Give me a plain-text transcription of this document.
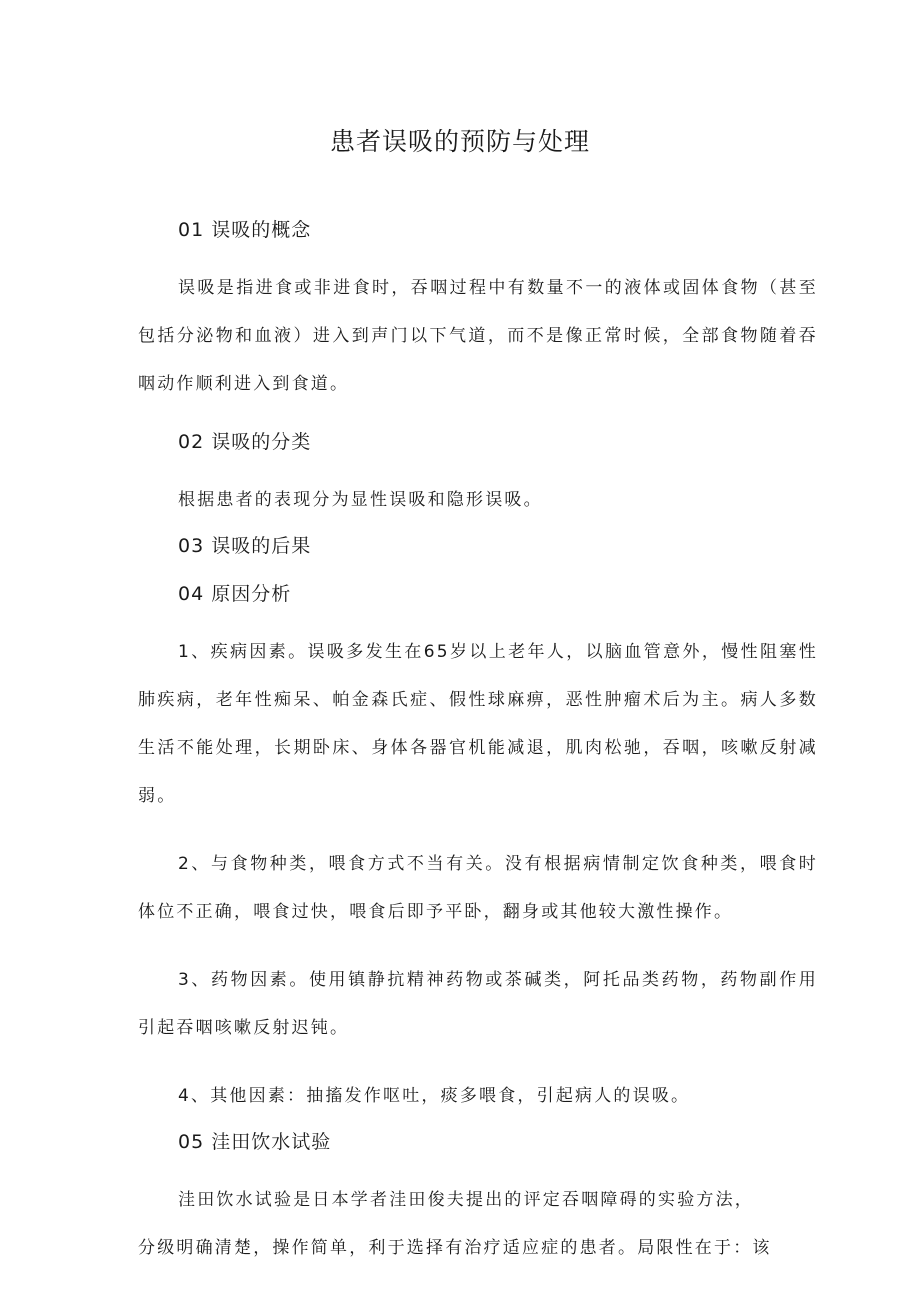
患者误吸的预防与处理

01 误吸的概念

误吸是指进食或非进食时，吞咽过程中有数量不一的液体或固体食物（甚至包括分泌物和血液）进入到声门以下气道，而不是像正常时候，全部食物随着吞咽动作顺利进入到食道。

02 误吸的分类

根据患者的表现分为显性误吸和隐形误吸。

03 误吸的后果

04 原因分析

1、疾病因素。误吸多发生在65岁以上老年人，以脑血管意外，慢性阻塞性肺疾病，老年性痴呆、帕金森氏症、假性球麻痹，恶性肿瘤术后为主。病人多数生活不能处理，长期卧床、身体各器官机能减退，肌肉松驰，吞咽，咳嗽反射减弱。

2、与食物种类，喂食方式不当有关。没有根据病情制定饮食种类，喂食时体位不正确，喂食过快，喂食后即予平卧，翻身或其他较大激性操作。

3、药物因素。使用镇静抗精神药物或茶碱类，阿托品类药物，药物副作用引起吞咽咳嗽反射迟钝。

4、其他因素：抽搐发作呕吐，痰多喂食，引起病人的误吸。

05 洼田饮水试验

洼田饮水试验是日本学者洼田俊夫提出的评定吞咽障碍的实验方法，

分级明确清楚，操作简单，利于选择有治疗适应症的患者。局限性在于：该
